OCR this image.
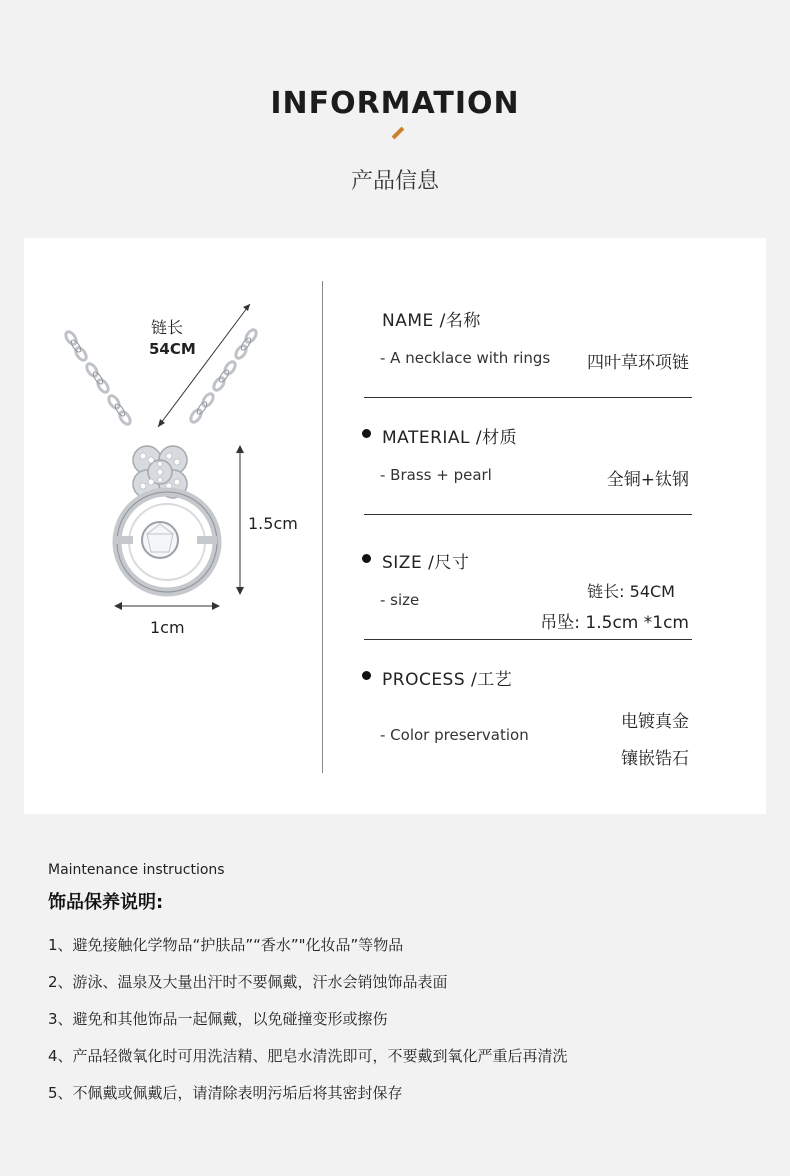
INFORMATION
产品信息
链长
54CM
1.5cm
1cm
NAME /名称
- A necklace with rings 四叶草环项链
MATERIAL /材质
- Brass + pearl	全铜+钛钢
SIZE /尺寸
- size	链长: 54CM
吊坠: 1.5cm *1cm
PROCESS /工艺
- Color preservation
电镀真金
镶嵌锆石
Maintenance instructions
饰品保养说明:
1、避免接触化学物品“护肤品”“香水”"化妆品”等物品
2、游泳、温泉及大量出汗时不要佩戴，汗水会销蚀饰品表面
3、避免和其他饰品一起佩戴，以免碰撞变形或擦伤
4、产品轻微氧化时可用洗洁精、肥皂水清洗即可，不要戴到氧化严重后再清洗
5、不佩戴或佩戴后，请清除表明污垢后将其密封保存
